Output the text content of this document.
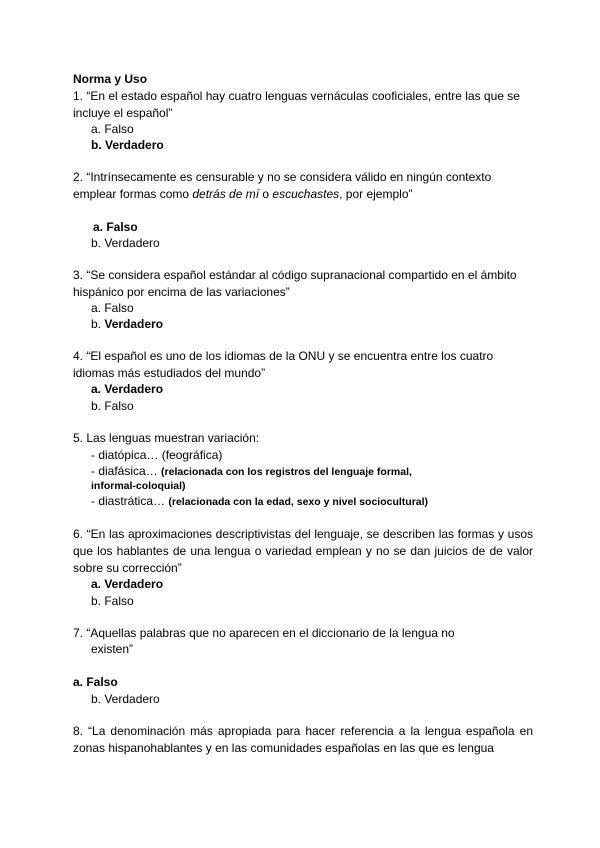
Norma y Uso
1. “En el estado español hay cuatro lenguas vernáculas cooficiales, entre las que se incluye el español”
a. Falso
b. Verdadero
2. “Intrínsecamente es censurable y no se considera válido en ningún contexto emplear formas como detrás de mí o escuchastes, por ejemplo”
a. Falso
b. Verdadero
3. “Se considera español estándar al código supranacional compartido en el ámbito hispánico por encima de las variaciones”
a. Falso
b. Verdadero
4. “El español es uno de los idiomas de la ONU y se encuentra entre los cuatro idiomas más estudiados del mundo”
a. Verdadero
b. Falso
5. Las lenguas muestran variación:
- diatópica… (feográfica)
- diafásica… (relacionada con los registros del lenguaje formal,
informal-coloquial)
- diastrática… (relacionada con la edad, sexo y nivel sociocultural)
6. “En las aproximaciones descriptivistas del lenguaje, se describen las formas y usos que los hablantes de una lengua o variedad emplean y no se dan juicios de de valor sobre su corrección”
a. Verdadero
b. Falso
7. “Aquellas palabras que no aparecen en el diccionario de la lengua no
existen”
a. Falso
b. Verdadero
8. “La denominación más apropiada para hacer referencia a la lengua española en zonas hispanohablantes y en las comunidades españolas en las que es lengua
